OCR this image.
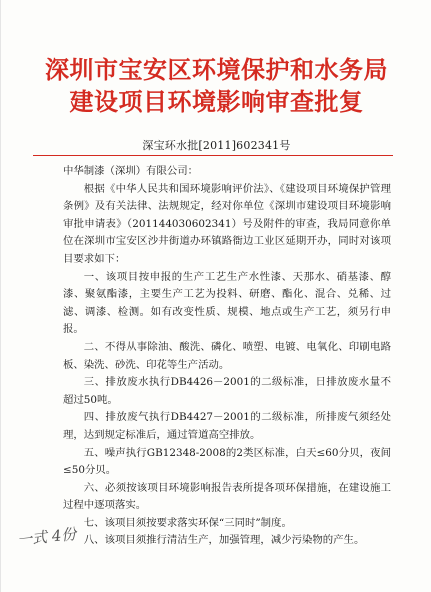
深圳市宝安区环境保护和水务局
建设项目环境影响审查批复
深宝环水批[2011]602341号

中华制漆（深圳）有限公司：

根据《中华人民共和国环境影响评价法》、《建设项目环境保护管理条例》及有关法律、法规规定，经对你单位《深圳市建设项目环境影响审批申请表》（201144030602341）号及附件的审查，我局同意你单位在深圳市宝安区沙井街道办环镇路衙边工业区延期开办，同时对该项目要求如下：

一、该项目按申报的生产工艺生产水性漆、天那水、硝基漆、醇漆、聚氨酯漆，主要生产工艺为投料、研磨、酯化、混合、兑稀、过滤、调漆、检测。如有改变性质、规模、地点或生产工艺，须另行申报。

二、不得从事除油、酸洗、磷化、喷塑、电镀、电氧化、印刷电路板、染洗、砂洗、印花等生产活动。

三、排放废水执行DB4426－2001的二级标准，日排放废水量不超过50吨。

四、排放废气执行DB4427－2001的二级标准，所排废气须经处理，达到规定标准后，通过管道高空排放。

五、噪声执行GB12348-2008的2类区标准，白天≤60分贝，夜间≤50分贝。

六、必须按该项目环境影响报告表所提各项环保措施，在建设施工过程中逐项落实。

七、该项目须按要求落实环保“三同时”制度。

八、该项目须推行清洁生产，加强管理，减少污染物的产生。

一式 4份
